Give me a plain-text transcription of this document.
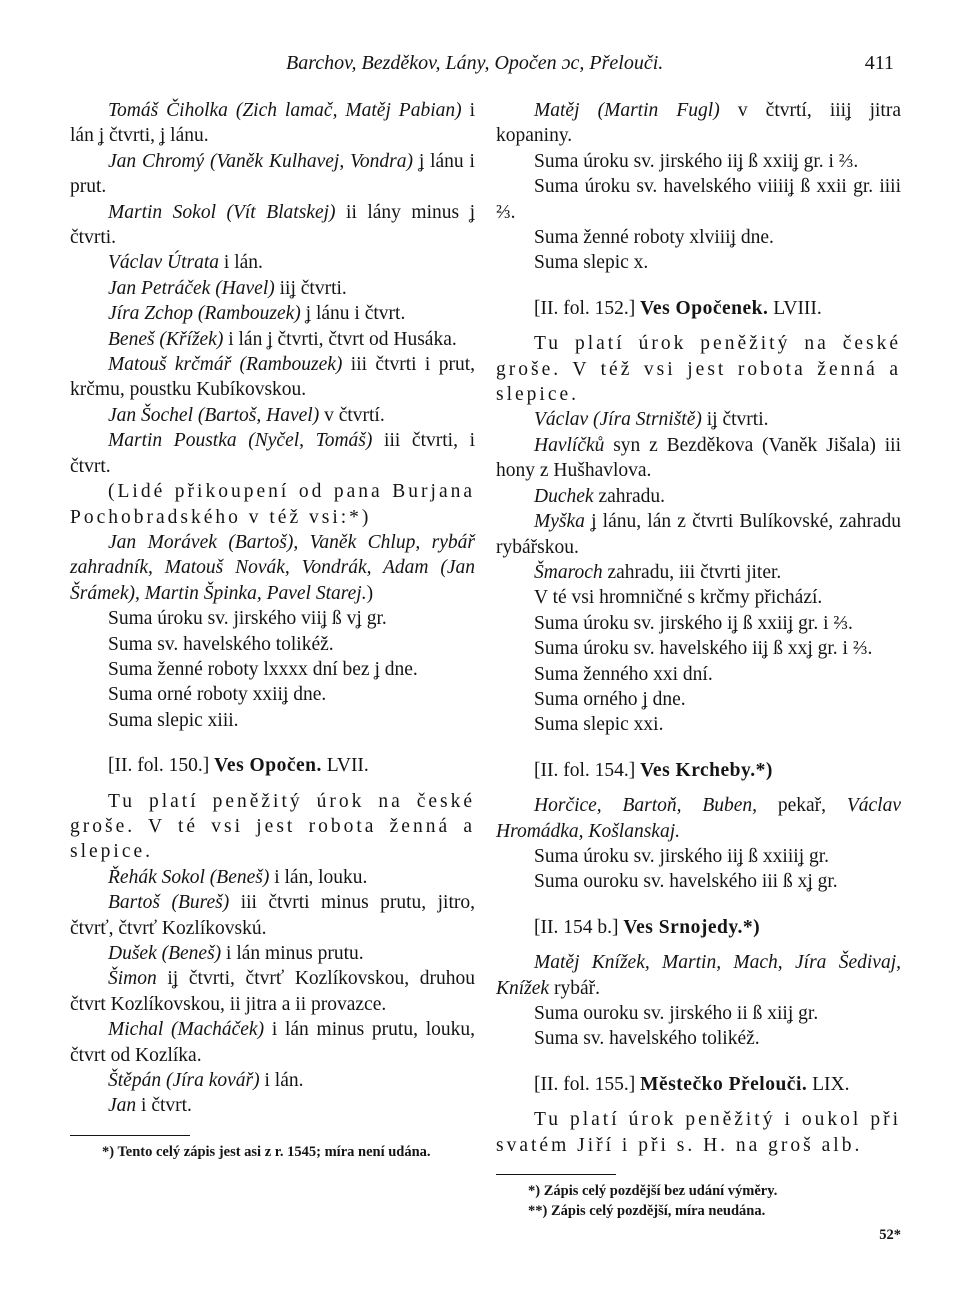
Barchov, Bezděkov, Lány, Opočen ɔc, Přelouči.	411

Tomáš Čiholka (Zich lamač, Matěj Pabian) i lán ʝ čtvrti, ʝ lánu.

Jan Chromý (Vaněk Kulhavej, Vondra) ʝ lánu i prut.

Martin Sokol (Vít Blatskej) ii lány minus ʝ čtvrti.

Václav Útrata i lán.

Jan Petráček (Havel) iiʝ čtvrti.

Jíra Zchop (Rambouzek) ʝ lánu i čtvrt.

Beneš (Křížek) i lán ʝ čtvrti, čtvrt od Husáka.

Matouš krčmář (Rambouzek) iii čtvrti i prut, krčmu, poustku Kubíkovskou.

Jan Šochel (Bartoš, Havel) v čtvrtí.

Martin Poustka (Nyčel, Tomáš) iii čtvrti, i čtvrt.

(Lidé přikoupení od pana Burjana Pochobradského v též vsi:*)

Jan Morávek (Bartoš), Vaněk Chlup, rybář zahradník, Matouš Novák, Vondrák, Adam (Jan Šrámek), Martin Špinka, Pavel Starej.)

Suma úroku sv. jirského viiʝ ß vʝ gr.

Suma sv. havelského tolikéž.

Suma ženné roboty lxxxx dní bez ʝ dne.

Suma orné roboty xxiiʝ dne.

Suma slepic xiii.

[II. fol. 150.] Ves Opočen. LVII.

Tu platí peněžitý úrok na české groše. V té vsi jest robota ženná a slepice.

Řehák Sokol (Beneš) i lán, louku.

Bartoš (Bureš) iii čtvrti minus prutu, jitro, čtvrť, čtvrť Kozlíkovskú.

Dušek (Beneš) i lán minus prutu.

Šimon iʝ čtvrti, čtvrť Kozlíkovskou, druhou čtvrt Kozlíkovskou, ii jitra a ii provazce.

Michal (Macháček) i lán minus prutu, louku, čtvrt od Kozlíka.

Štěpán (Jíra kovář) i lán.

Jan i čtvrt.

*) Tento celý zápis jest asi z r. 1545; míra není udána.

Matěj (Martin Fugl) v čtvrtí, iiiʝ jitra kopaniny.

Suma úroku sv. jirského iiʝ ß xxiiʝ gr. i ⅔.

Suma úroku sv. havelského viiiiʝ ß xxii gr. iiii ⅔.

Suma ženné roboty xlviiiʝ dne.

Suma slepic x.

[II. fol. 152.] Ves Opočenek. LVIII.

Tu platí úrok peněžitý na české groše. V též vsi jest robota ženná a slepice.

Václav (Jíra Strniště) iʝ čtvrti.

Havlíčků syn z Bezděkova (Vaněk Jišala) iii hony z Hušhavlova.

Duchek zahradu.

Myška ʝ lánu, lán z čtvrti Bulíkovské, zahradu rybářskou.

Šmaroch zahradu, iii čtvrti jiter.

V té vsi hromničné s krčmy přichází.

Suma úroku sv. jirského iʝ ß xxiiʝ gr. i ⅔.

Suma úroku sv. havelského iiʝ ß xxʝ gr. i ⅔.

Suma ženného xxi dní.

Suma orného ʝ dne.

Suma slepic xxi.

[II. fol. 154.] Ves Krcheby.*)

Horčice, Bartoň, Buben, pekař, Václav Hromádka, Košlanskaj.

Suma úroku sv. jirského iiʝ ß xxiiiʝ gr.

Suma ouroku sv. havelského iii ß xʝ gr.

[II. 154 b.] Ves Srnojedy.*)

Matěj Knížek, Martin, Mach, Jíra Šedivaj, Knížek rybář.

Suma ouroku sv. jirského ii ß xiiʝ gr.

Suma sv. havelského tolikéž.

[II. fol. 155.] Městečko Přelouči. LIX.

Tu platí úrok peněžitý i oukol při svatém Jiří i při s. H. na groš alb.

*) Zápis celý pozdější bez udání výměry.

**) Zápis celý pozdější, míra neudána.

52*
